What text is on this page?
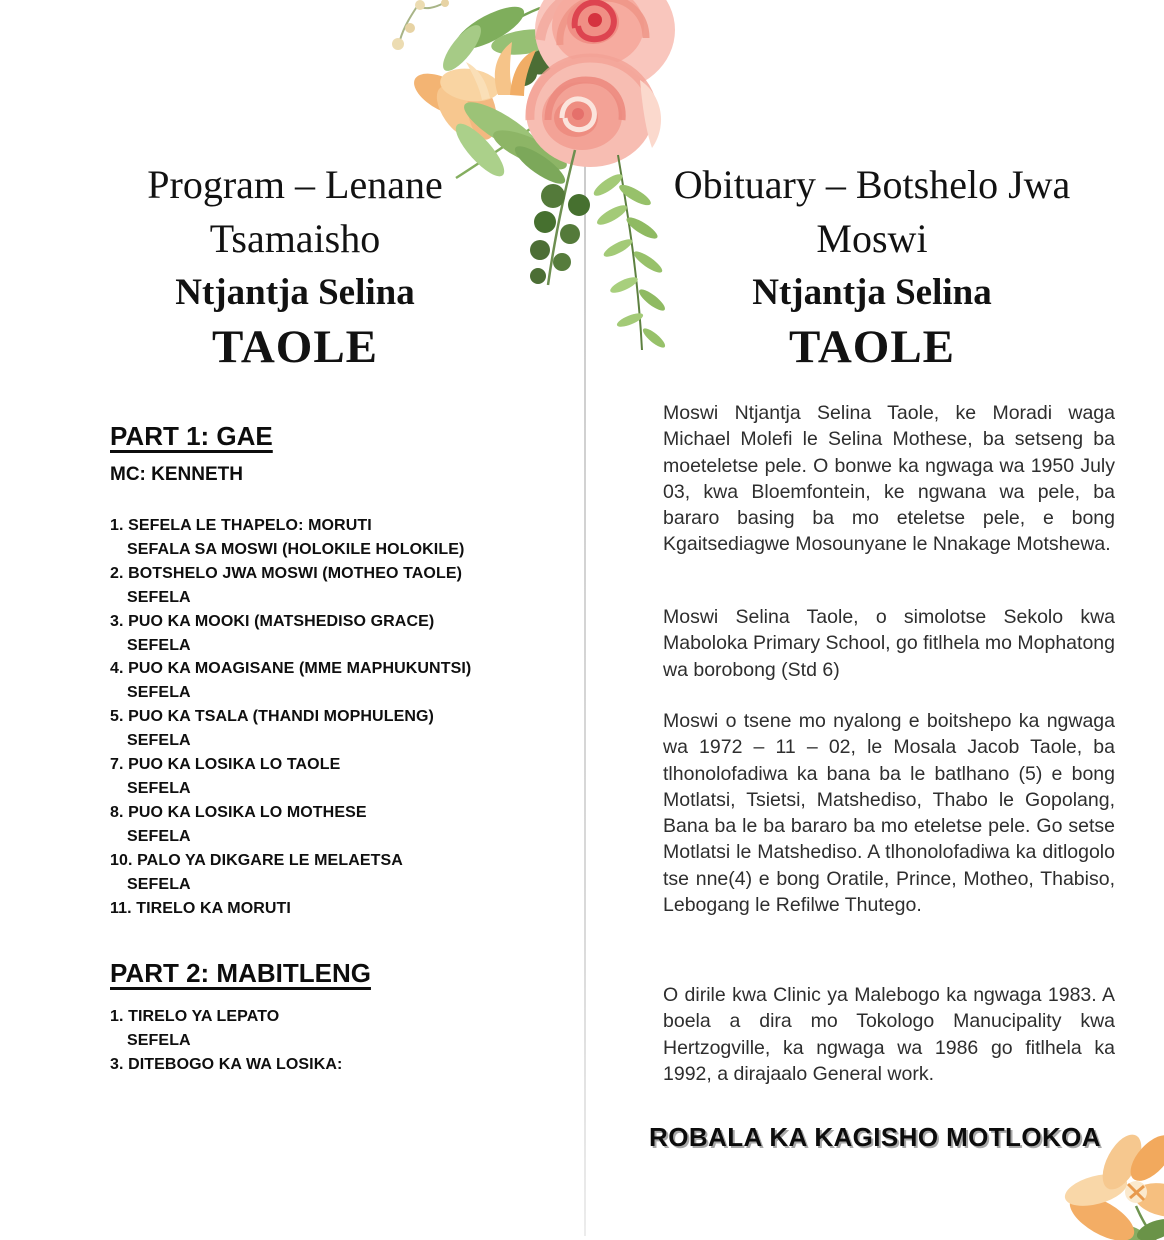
Program – Lenane
Tsamaisho
Ntjantja Selina
TAOLE
Obituary – Botshelo Jwa
Moswi
Ntjantja Selina
TAOLE
PART 1: GAE
MC: KENNETH
1. SEFELA LE THAPELO: MORUTI
SEFALA SA MOSWI (HOLOKILE HOLOKILE)
2. BOTSHELO JWA MOSWI (MOTHEO TAOLE)
SEFELA
3. PUO KA MOOKI (MATSHEDISO GRACE)
SEFELA
4. PUO KA MOAGISANE (MME MAPHUKUNTSI)
SEFELA
5. PUO KA TSALA (THANDI MOPHULENG)
SEFELA
7. PUO KA LOSIKA LO TAOLE
SEFELA
8. PUO KA LOSIKA LO MOTHESE
SEFELA
10. PALO YA DIKGARE LE MELAETSA
SEFELA
11. TIRELO KA MORUTI
PART 2: MABITLENG
1. TIRELO YA LEPATO
SEFELA
3. DITEBOGO KA WA LOSIKA:
Moswi Ntjantja Selina Taole, ke Moradi waga Michael Molefi le Selina Mothese, ba setseng ba moeteletse pele. O bonwe ka ngwaga wa 1950 July 03, kwa Bloemfontein, ke ngwana wa pele, ba bararo basing ba mo eteletse pele, e bong Kgaitsediagwe Mosounyane le Nnakage Motshewa.
Moswi Selina Taole, o simolotse Sekolo kwa Maboloka Primary School, go fitlhela mo Mophatong wa borobong (Std 6)
Moswi o tsene mo nyalong e boitshepo ka ngwaga wa 1972 – 11 – 02, le Mosala Jacob Taole, ba tlhonolofadiwa ka bana ba le batlhano (5) e bong Motlatsi, Tsietsi, Matshediso, Thabo le Gopolang, Bana ba le ba bararo ba mo eteletse pele. Go setse Motlatsi le Matshediso. A tlhonolofadiwa ka ditlogolo tse nne(4) e bong Oratile, Prince, Motheo, Thabiso, Lebogang le Refilwe Thutego.
O dirile kwa Clinic ya Malebogo ka ngwaga 1983. A boela a dira mo Tokologo Manucipality kwa Hertzogville, ka ngwaga wa 1986 go fitlhela ka 1992, a dirajaalo General work.
ROBALA KA KAGISHO MOTLOKOA
